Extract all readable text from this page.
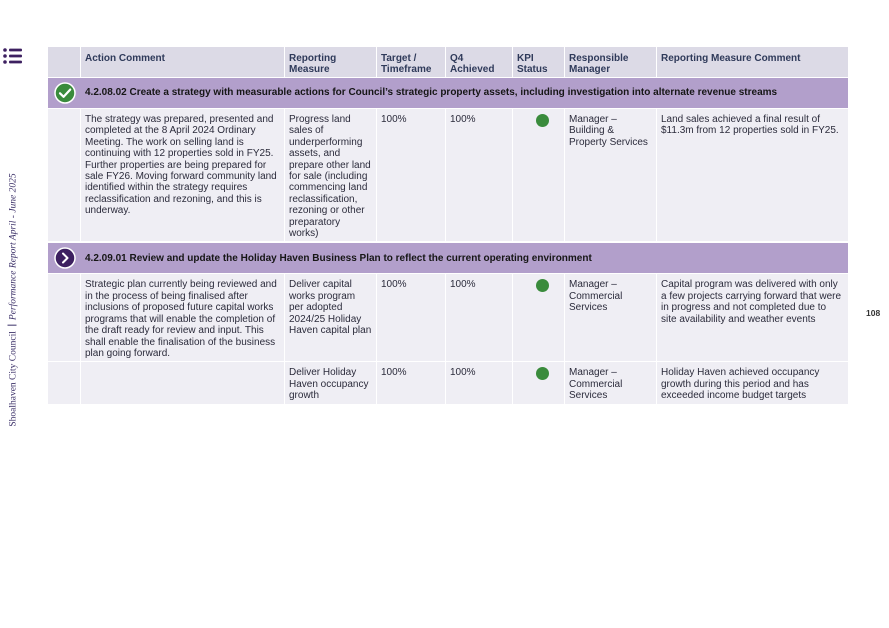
Shoalhaven City CouncilPerformance Report April - June 2025	108
	Action Comment	Reporting Measure	Target / Timeframe	Q4 Achieved	KPI Status	Responsible Manager	Reporting Measure Comment
	4.2.08.02 Create a strategy with measurable actions for Council’s strategic property assets, including investigation into alternate revenue streams						
	The strategy was prepared, presented and completed at the 8 April 2024 Ordinary Meeting. The work on selling land is continuing with 12 properties sold in FY25. Further properties are being prepared for sale FY26. Moving forward community land identified within the strategy requires reclassification and rezoning, and this is underway.	Progress land sales of underperforming assets, and prepare other land for sale (including commencing land reclassification, rezoning or other preparatory works)	100%	100%		Manager – Building & Property Services	Land sales achieved a final result of $11.3m from 12 properties sold in FY25.
	4.2.09.01 Review and update the Holiday Haven Business Plan to reflect the current operating environment						
	Strategic plan currently being reviewed and in the process of being finalised after inclusions of proposed future capital works programs that will enable the completion of the draft ready for review and input. This shall enable the finalisation of the business plan going forward.	Deliver capital works program per adopted 2024/25 Holiday Haven capital plan	100%	100%		Manager – Commercial Services	Capital program was delivered with only a few projects carrying forward that were in progress and not completed due to site availability and weather events
		Deliver Holiday Haven occupancy growth	100%	100%		Manager – Commercial Services	Holiday Haven achieved occupancy growth during this period and has exceeded income budget targets
